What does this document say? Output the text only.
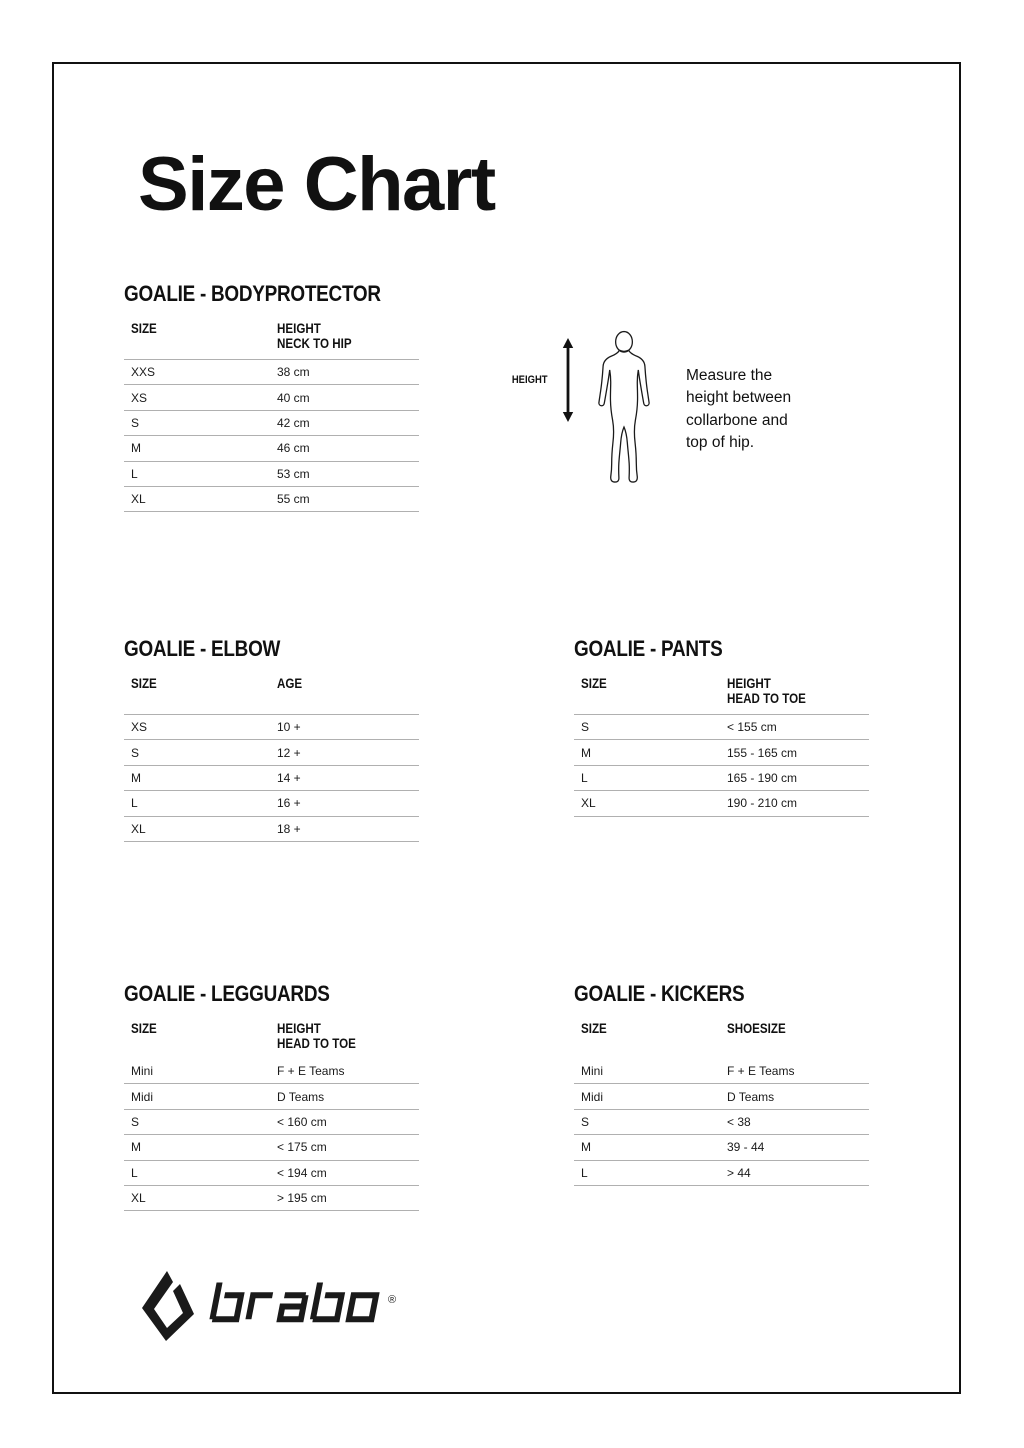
Size Chart
GOALIE - BODYPROTECTOR
SIZE	HEIGHT
NECK TO HIP
XXS	38 cm
XS	40 cm
S	42 cm
M	46 cm
L	53 cm
XL	55 cm
GOALIE - ELBOW
SIZE	AGE
XS	10 +
S	12 +
M	14 +
L	16 +
XL	18 +
GOALIE - PANTS
SIZE	HEIGHT
HEAD TO TOE
S	< 155 cm
M	155 - 165 cm
L	165 - 190 cm
XL	190 - 210 cm
GOALIE - LEGGUARDS
SIZE	HEIGHT
HEAD TO TOE
Mini	F + E Teams
Midi	D Teams
S	< 160 cm
M	< 175 cm
L	< 194 cm
XL	> 195 cm
GOALIE - KICKERS
SIZE	SHOESIZE
Mini	F + E Teams
Midi	D Teams
S	< 38
M	39 - 44
L	> 44
HEIGHT	Measure the
height between
collarbone and
top of hip.
®
